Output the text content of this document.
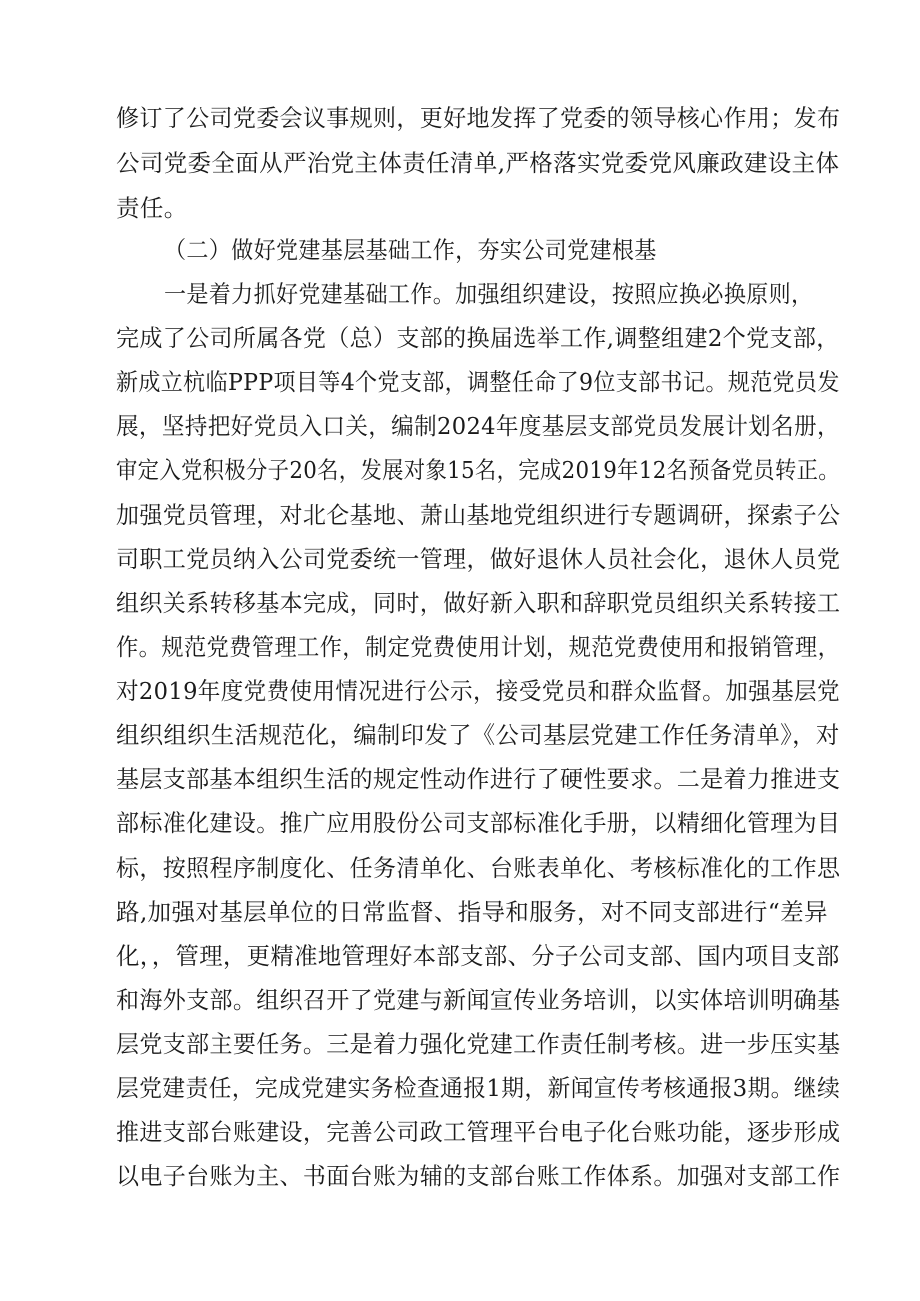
修订了公司党委会议事规则，更好地发挥了党委的领导核心作用；发布
公司党委全面从严治党主体责任清单,严格落实党委党风廉政建设主体
责任。
（二）做好党建基层基础工作，夯实公司党建根基
一是着力抓好党建基础工作。加强组织建设，按照应换必换原则，
完成了公司所属各党（总）支部的换届选举工作,调整组建2个党支部，
新成立杭临PPP项目等4个党支部，调整任命了9位支部书记。规范党员发
展，坚持把好党员入口关，编制2024年度基层支部党员发展计划名册，
审定入党积极分子20名，发展对象15名，完成2019年12名预备党员转正。
加强党员管理，对北仑基地、萧山基地党组织进行专题调研，探索子公
司职工党员纳入公司党委统一管理，做好退休人员社会化，退休人员党
组织关系转移基本完成，同时，做好新入职和辞职党员组织关系转接工
作。规范党费管理工作，制定党费使用计划，规范党费使用和报销管理，
对2019年度党费使用情况进行公示，接受党员和群众监督。加强基层党
组织组织生活规范化，编制印发了《公司基层党建工作任务清单》，对
基层支部基本组织生活的规定性动作进行了硬性要求。二是着力推进支
部标准化建设。推广应用股份公司支部标准化手册，以精细化管理为目
标，按照程序制度化、任务清单化、台账表单化、考核标准化的工作思
路,加强对基层单位的日常监督、指导和服务，对不同支部进行“差异
化，，管理，更精准地管理好本部支部、分子公司支部、国内项目支部
和海外支部。组织召开了党建与新闻宣传业务培训，以实体培训明确基
层党支部主要任务。三是着力强化党建工作责任制考核。进一步压实基
层党建责任，完成党建实务检查通报1期，新闻宣传考核通报3期。继续
推进支部台账建设，完善公司政工管理平台电子化台账功能，逐步形成
以电子台账为主、书面台账为辅的支部台账工作体系。加强对支部工作
